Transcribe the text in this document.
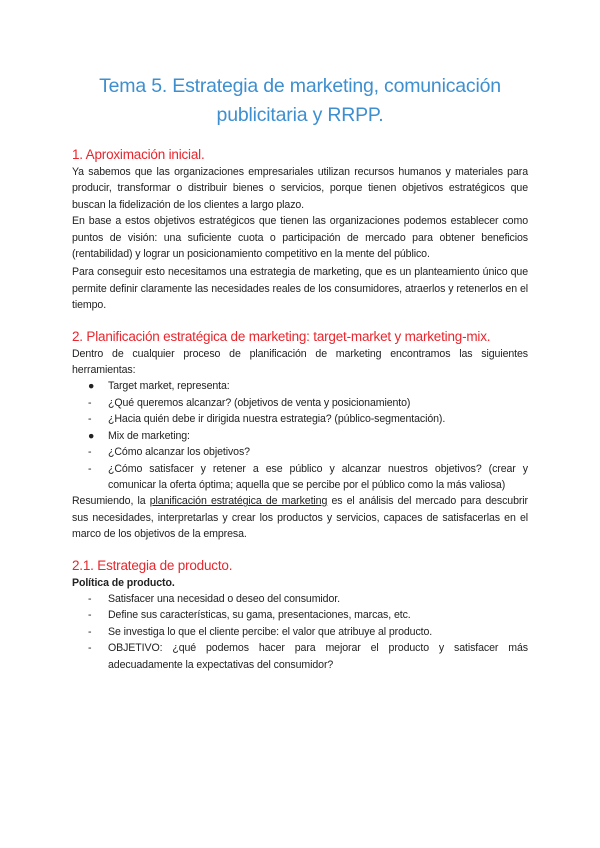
Tema 5. Estrategia de marketing, comunicación publicitaria y RRPP.
1. Aproximación inicial.

Ya sabemos que las organizaciones empresariales utilizan recursos humanos y materiales para producir, transformar o distribuir bienes o servicios, porque tienen objetivos estratégicos que buscan la fidelización de los clientes a largo plazo.

En base a estos objetivos estratégicos que tienen las organizaciones podemos establecer como puntos de visión: una suficiente cuota o participación de mercado para obtener beneficios (rentabilidad) y lograr un posicionamiento competitivo en la mente del público.

Para conseguir esto necesitamos una estrategia de marketing, que es un planteamiento único que permite definir claramente las necesidades reales de los consumidores, atraerlos y retenerlos en el tiempo.

2. Planificación estratégica de marketing: target-market y marketing-mix.

Dentro de cualquier proceso de planificación de marketing encontramos las siguientes herramientas:

● Target market, representa:
- ¿Qué queremos alcanzar? (objetivos de venta y posicionamiento)
- ¿Hacia quién debe ir dirigida nuestra estrategia? (público-segmentación).
● Mix de marketing:
- ¿Cómo alcanzar los objetivos?
- ¿Cómo satisfacer y retener a ese público y alcanzar nuestros objetivos? (crear y comunicar la oferta óptima; aquella que se percibe por el público como la más valiosa)

Resumiendo, la planificación estratégica de marketing es el análisis del mercado para descubrir sus necesidades, interpretarlas y crear los productos y servicios, capaces de satisfacerlas en el marco de los objetivos de la empresa.

2.1. Estrategia de producto.

Política de producto.

- Satisfacer una necesidad o deseo del consumidor.
- Define sus características, su gama, presentaciones, marcas, etc.
- Se investiga lo que el cliente percibe: el valor que atribuye al producto.
- OBJETIVO: ¿qué podemos hacer para mejorar el producto y satisfacer más adecuadamente la expectativas del consumidor?
